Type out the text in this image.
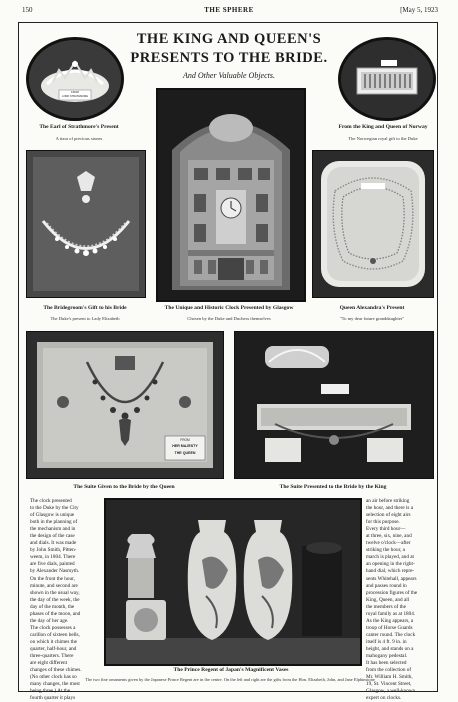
150	THE SPHERE	[May 5, 1923
THE KING AND QUEEN'S
PRESENTS TO THE BRIDE.
And Other Valuable Objects.
FROM
LORD STRATHMORE
The Earl of Strathmore's Present
A tiara of precious stones
From the King and Queen of Norway
The Norwegian royal gift to the Duke
The Bridegroom's Gift to his Bride
The Duke's present to Lady Elizabeth
The Unique and Historic Clock Presented by Glasgow
Chosen by the Duke and Duchess themselves
Queen Alexandra's Present
"To my dear future granddaughter"
FROM
HER MAJESTY
THE QUEEN
The Suite Given to the Bride by the Queen	The Suite Presented to the Bride by the King
The clock presented
to the Duke by the City
of Glasgow is unique
both in the planning of
the mechanism and in
the design of the case
and dials. It was made
by John Smith, Pitten-
weem, in 1804. There
are five dials, painted
by Alexander Nasmyth.
On the front the hour,
minute, and second are
shown in the usual way,
the day of the week, the
day of the month, the
phases of the moon, and
the day of her age.
The clock possesses a
carillon of sixteen bells,
on which it chimes the
quarter, half-hour, and
three-quarters. There
are eight different
changes of these chimes.
(No other clock has so
many changes, the most
being three.) At the
fourth quarter it plays
an air before striking
the hour, and there is a
selection of eight airs
for this purpose.
Every third hour—
at three, six, nine, and
twelve o'clock—after
striking the hour, a
march is played, and at
an opening in the right-
hand dial, which repre-
sents Whitehall, appears
and passes round in
procession figures of the
King, Queen, and all
the members of the
royal family as at 1804.
As the King appears, a
troop of Horse Guards
canter round. The clock
itself is 4 ft. 9 in. in
height, and stands on a
mahogany pedestal.
It has been selected
from the collection of
Mr. William H. Smith,
19, St. Vincent Street,
Glasgow, a well-known
expert on clocks.
The Prince Regent of Japan's Magnificent Vases
The two fine ornaments given by the Japanese Prince Regent are in the centre. On the left and right are the gifts from the Hon. Elizabeth, John, and Jane Elphinstone
